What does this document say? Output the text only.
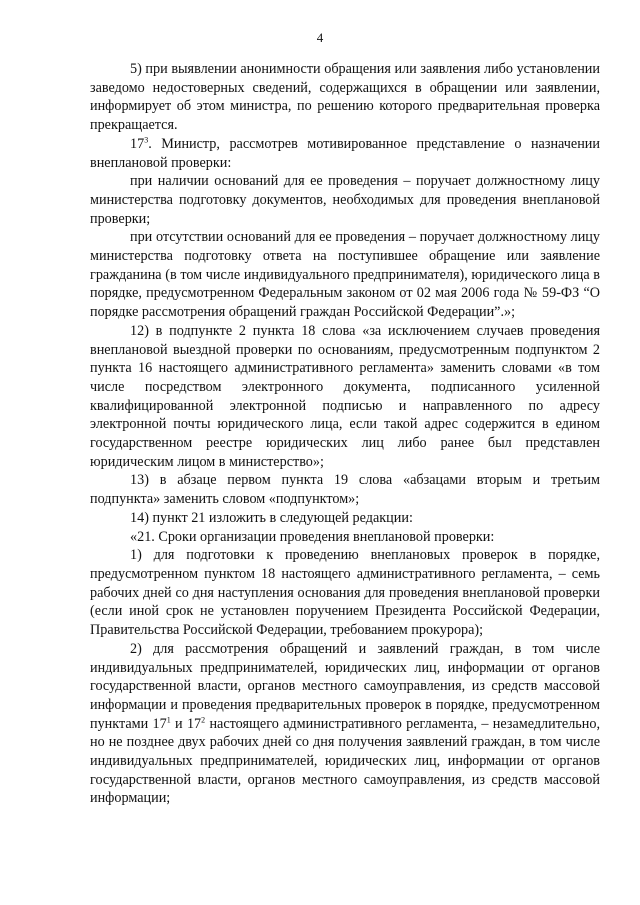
4

5) при выявлении анонимности обращения или заявления либо установлении заведомо недостоверных сведений, содержащихся в обращении или заявлении, информирует об этом министра, по решению которого предварительная проверка прекращается.

$17^3$. Министр, рассмотрев мотивированное представление о назначении внеплановой проверки:

при наличии оснований для ее проведения – поручает должностному лицу министерства подготовку документов, необходимых для проведения внеплановой проверки;

при отсутствии оснований для ее проведения – поручает должностному лицу министерства подготовку ответа на поступившее обращение или заявление гражданина (в том числе индивидуального предпринимателя), юридического лица в порядке, предусмотренном Федеральным законом от 02 мая 2006 года № 59-ФЗ “О порядке рассмотрения обращений граждан Российской Федерации”.»;

12) в подпункте 2 пункта 18 слова «за исключением случаев проведения внеплановой выездной проверки по основаниям, предусмотренным подпунктом 2 пункта 16 настоящего административного регламента» заменить словами «в том числе посредством электронного документа, подписанного усиленной квалифицированной электронной подписью и направленного по адресу электронной почты юридического лица, если такой адрес содержится в едином государственном реестре юридических лиц либо ранее был представлен юридическим лицом в министерство»;

13) в абзаце первом пункта 19 слова «абзацами вторым и третьим подпункта» заменить словом «подпунктом»;

14) пункт 21 изложить в следующей редакции:

«21. Сроки организации проведения внеплановой проверки:

1) для подготовки к проведению внеплановых проверок в порядке, предусмотренном пунктом 18 настоящего административного регламента, – семь рабочих дней со дня наступления основания для проведения внеплановой проверки (если иной срок не установлен поручением Президента Российской Федерации, Правительства Российской Федерации, требованием прокурора);

2) для рассмотрения обращений и заявлений граждан, в том числе индивидуальных предпринимателей, юридических лиц, информации от органов государственной власти, органов местного самоуправления, из средств массовой информации и проведения предварительных проверок в порядке, предусмотренном пунктами $17^1$ и $17^2$ настоящего административного регламента, – незамедлительно, но не позднее двух рабочих дней со дня получения заявлений граждан, в том числе индивидуальных предпринимателей, юридических лиц, информации от органов государственной власти, органов местного самоуправления, из средств массовой информации;
